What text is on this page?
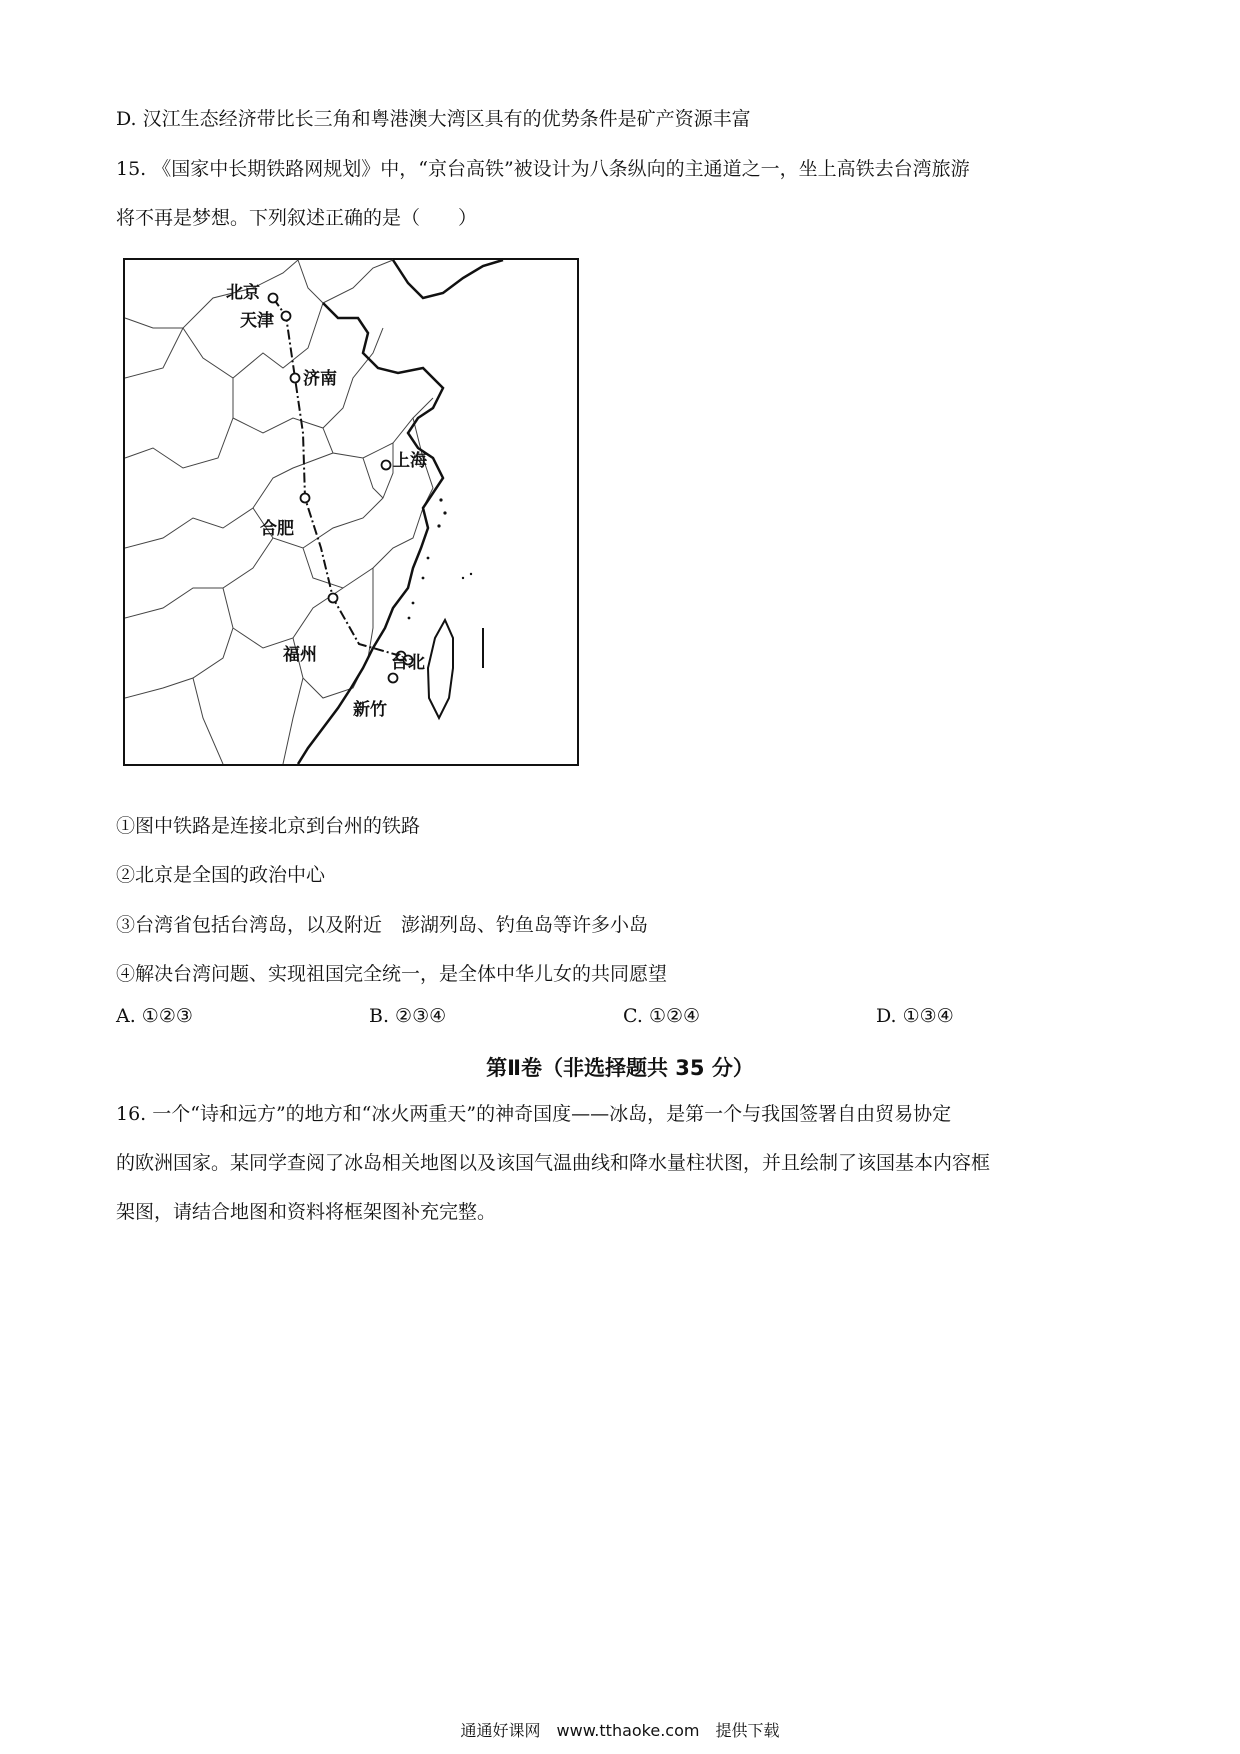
D. 汉江生态经济带比长三角和粤港澳大湾区具有的优势条件是矿产资源丰富
15. 《国家中长期铁路网规划》中，“京台高铁”被设计为八条纵向的主通道之一，坐上高铁去台湾旅游
将不再是梦想。下列叙述正确的是（　　）
北京
天津
济南
上海
合肥
福州	台北
新竹
①图中铁路是连接北京到台州的铁路
②北京是全国的政治中心
③台湾省包括台湾岛，以及附近　澎湖列岛、钓鱼岛等许多小岛
④解决台湾问题、实现祖国完全统一，是全体中华儿女的共同愿望
A. ①②③	B. ②③④	C. ①②④	D. ①③④
第Ⅱ卷（非选择题共 35 分）
16. 一个“诗和远方”的地方和“冰火两重天”的神奇国度——冰岛，是第一个与我国签署自由贸易协定
的欧洲国家。某同学查阅了冰岛相关地图以及该国气温曲线和降水量柱状图，并且绘制了该国基本内容框
架图，请结合地图和资料将框架图补充完整。
通通好课网　www.tthaoke.com　提供下载
